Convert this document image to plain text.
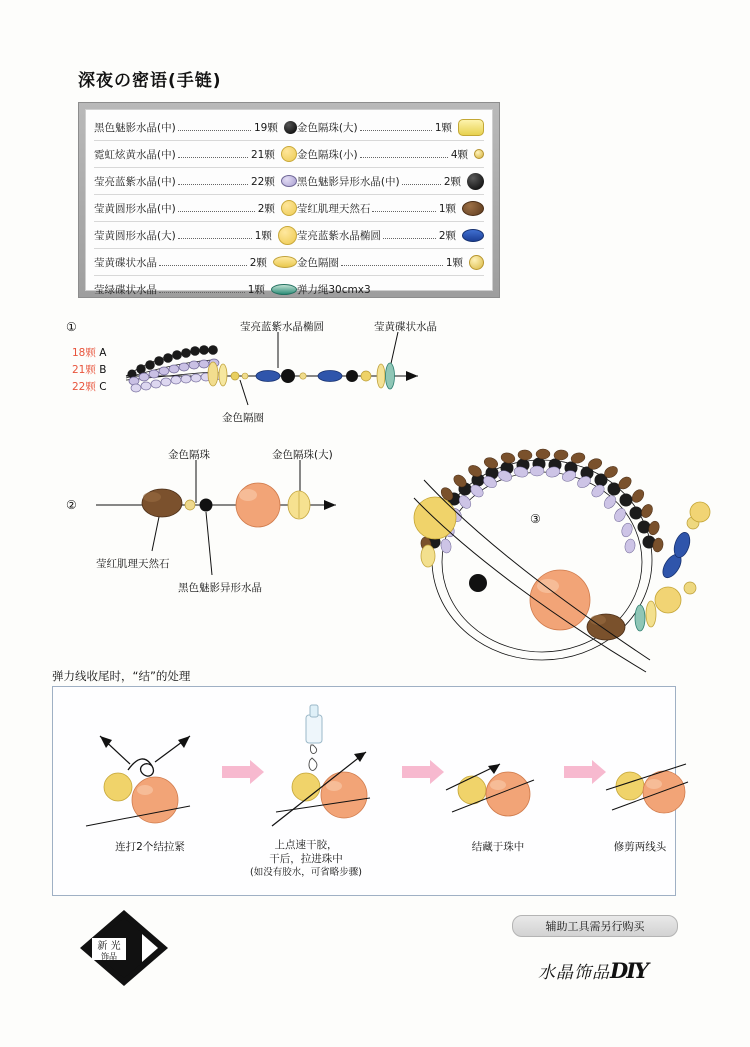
深夜の密语(手链)
黑色魅影水晶(中)	19颗 金色隔珠(大)	1颗
霓虹炫黄水晶(中)	21颗 金色隔珠(小)	4颗
莹亮蓝紫水晶(中)	22颗 黑色魅影异形水晶(中)	2颗
莹黄圆形水晶(中)	2颗 莹红肌理天然石	1颗
莹黄圆形水晶(大)	1颗 莹亮蓝紫水晶椭圆	2颗
莹黄碟状水晶	2颗	金色隔圈	1颗
莹绿碟状水晶	1颗	弹力绳30cmx3
①
18颗 A
21颗 B
22颗 C
莹亮蓝紫水晶椭圆	莹黄碟状水晶
金色隔圈
②
金色隔珠	金色隔珠(大)
莹红肌理天然石
黑色魅影异形水晶
③
弹力线收尾时，“结”的处理
连打2个结拉紧	上点速干胶，
干后，拉进珠中
(如没有胶水，可省略步骤)
结藏于珠中	修剪两线头
新 光
饰品
辅助工具需另行购买
水晶饰品DIY
